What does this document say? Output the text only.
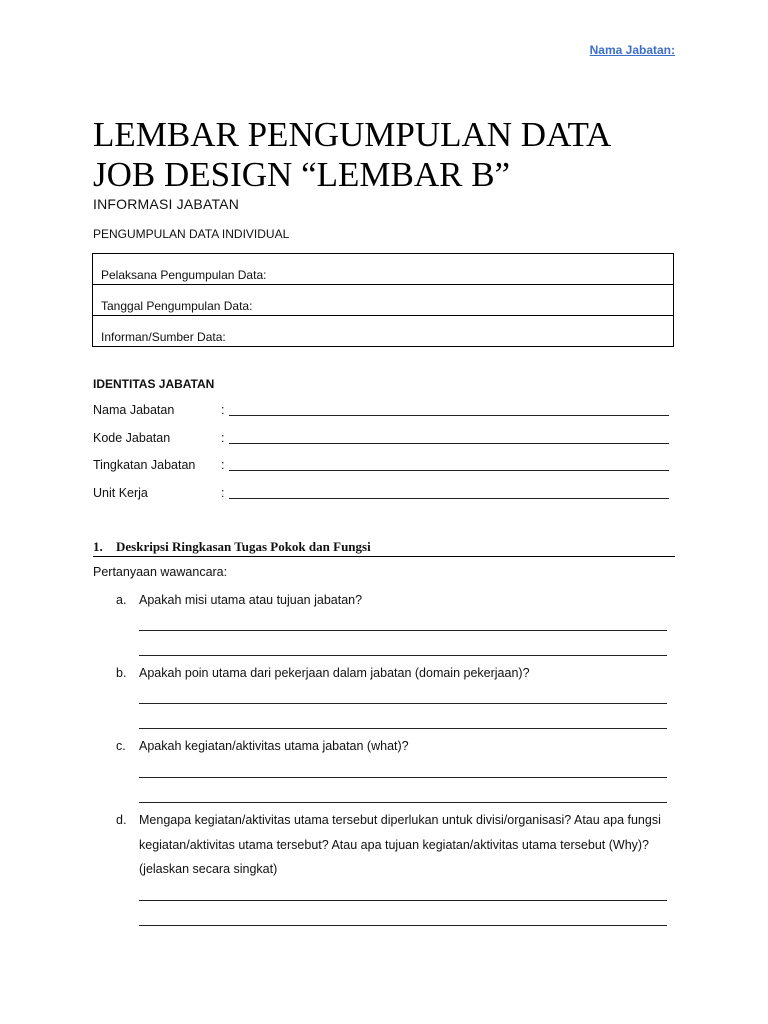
Nama Jabatan:
LEMBAR PENGUMPULAN DATA
JOB DESIGN “LEMBAR B”
INFORMASI JABATAN
PENGUMPULAN DATA INDIVIDUAL
Pelaksana Pengumpulan Data:
Tanggal Pengumpulan Data:
Informan/Sumber Data:
IDENTITAS JABATAN
Nama Jabatan	:
Kode Jabatan	:
Tingkatan Jabatan :
Unit Kerja	:
1. Deskripsi Ringkasan Tugas Pokok dan Fungsi
Pertanyaan wawancara:
a. Apakah misi utama atau tujuan jabatan?
b. Apakah poin utama dari pekerjaan dalam jabatan (domain pekerjaan)?
c. Apakah kegiatan/aktivitas utama jabatan (what)?
d. Mengapa kegiatan/aktivitas utama tersebut diperlukan untuk divisi/organisasi? Atau apa fungsi kegiatan/aktivitas utama tersebut? Atau apa tujuan kegiatan/aktivitas utama tersebut (Why)? (jelaskan secara singkat)
